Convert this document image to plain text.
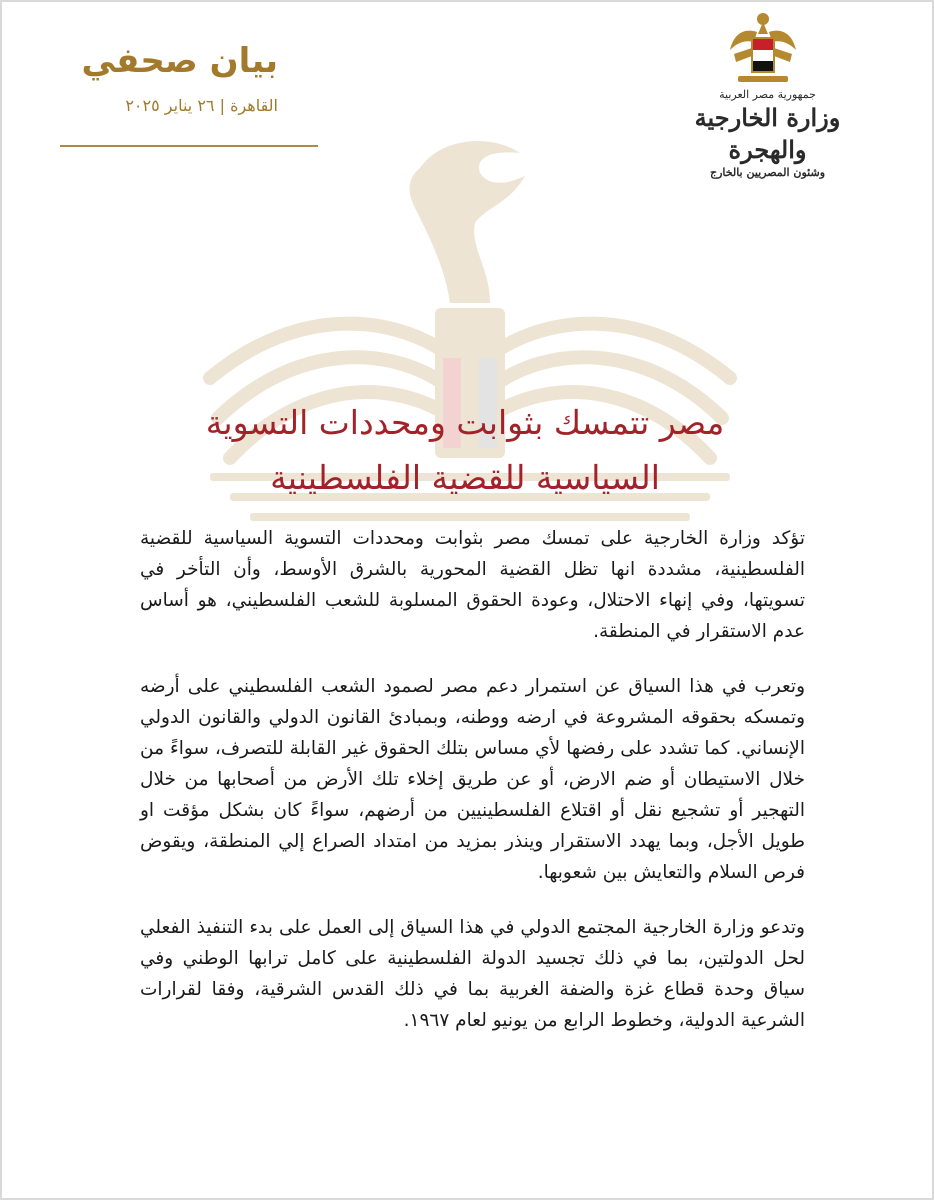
جمهورية مصر العربية
وزارة الخارجية والهجرة
وشئون المصريين بالخارج
بيان صحفي
القاهرة | ٢٦ يناير ٢٠٢٥
مصر تتمسك بثوابت ومحددات التسوية
السياسية للقضية الفلسطينية

تؤكد وزارة الخارجية على تمسك مصر بثوابت ومحددات التسوية السياسية للقضية الفلسطينية، مشددة انها تظل القضية المحورية بالشرق الأوسط، وأن التأخر في تسويتها، وفي إنهاء الاحتلال، وعودة الحقوق المسلوبة للشعب الفلسطيني، هو أساس عدم الاستقرار في المنطقة.

وتعرب في هذا السياق عن استمرار دعم مصر لصمود الشعب الفلسطيني على أرضه وتمسكه بحقوقه المشروعة في ارضه ووطنه، وبمبادئ القانون الدولي والقانون الدولي الإنساني. كما تشدد على رفضها لأي مساس بتلك الحقوق غير القابلة للتصرف، سواءً من خلال الاستيطان أو ضم الارض، أو عن طريق إخلاء تلك الأرض من أصحابها من خلال التهجير أو تشجيع نقل أو اقتلاع الفلسطينيين من أرضهم، سواءً كان بشكل مؤقت او طويل الأجل، وبما يهدد الاستقرار وينذر بمزيد من امتداد الصراع إلي المنطقة، ويقوض فرص السلام والتعايش بين شعوبها.

وتدعو وزارة الخارجية المجتمع الدولي في هذا السياق إلى العمل على بدء التنفيذ الفعلي لحل الدولتين، بما في ذلك تجسيد الدولة الفلسطينية على كامل ترابها الوطني وفي سياق وحدة قطاع غزة والضفة الغربية بما في ذلك القدس الشرقية، وفقا لقرارات الشرعية الدولية، وخطوط الرابع من يونيو لعام ١٩٦٧.
